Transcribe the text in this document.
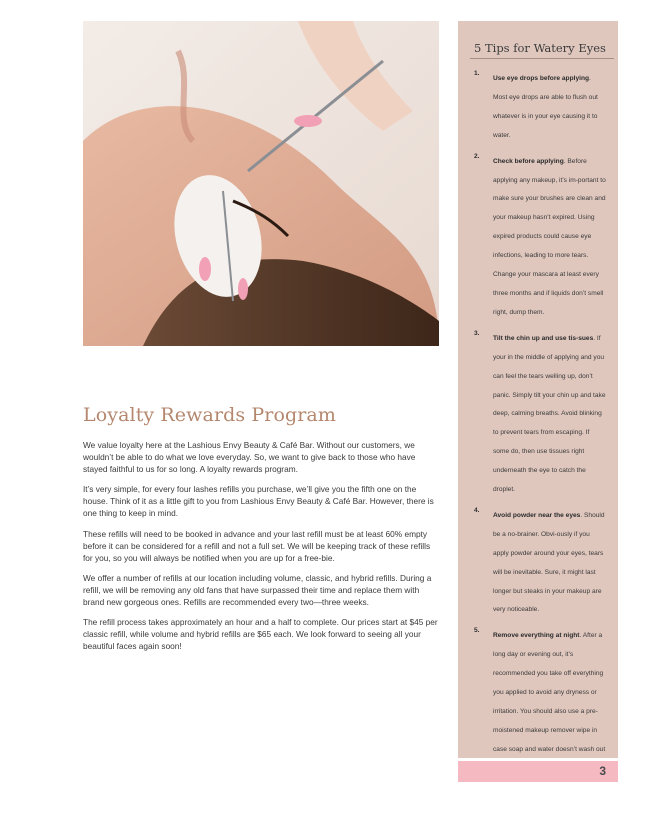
Loyalty Rewards Program

We value loyalty here at the Lashious Envy Beauty & Café Bar. Without our customers, we wouldn’t be able to do what we love everyday. So, we want to give back to those who have stayed faithful to us for so long. A loyalty rewards program.

It’s very simple, for every four lashes refills you purchase, we’ll give you the fifth one on the house. Think of it as a little gift to you from Lashious Envy Beauty & Café Bar. However, there is one thing to keep in mind.

These refills will need to be booked in advance and your last refill must be at least 60% empty before it can be considered for a refill and not a full set. We will be keeping track of these refills for you, so you will always be notified when you are up for a free-bie.

We offer a number of refills at our location including volume, classic, and hybrid refills. During a refill, we will be removing any old fans that have surpassed their time and replace them with brand new gorgeous ones. Refills are recommended every two—three weeks.

The refill process takes approximately an hour and a half to complete. Our prices start at $45 per classic refill, while volume and hybrid refills are $65 each. We look forward to seeing all your beautiful faces again soon!

5 Tips for Watery Eyes
1.
Use eye drops before applying. Most eye drops are able to flush out whatever is in your eye causing it to water.
2.
Check before applying. Before applying any makeup, it’s im-portant to make sure your brushes are clean and your makeup hasn’t expired. Using expired products could cause eye infections, leading to more tears. Change your mascara at least every three months and if liquids don’t smell right, dump them.
3.
Tilt the chin up and use tis-sues. If your in the middle of applying and you can feel the tears welling up, don’t panic. Simply tilt your chin up and take deep, calming breaths. Avoid blinking to prevent tears from escaping. If some do, then use tissues right underneath the eye to catch the droplet.
4.
Avoid powder near the eyes. Should be a no-brainer. Obvi-ously if you apply powder around your eyes, tears will be inevitable. Sure, it might last longer but steaks in your makeup are very noticeable.
5.
Remove everything at night. After a long day or evening out, it’s recommended you take off everything you applied to avoid any dryness or irritation. You should also use a pre-moistened makeup remover wipe in case soap and water doesn’t wash out
3
